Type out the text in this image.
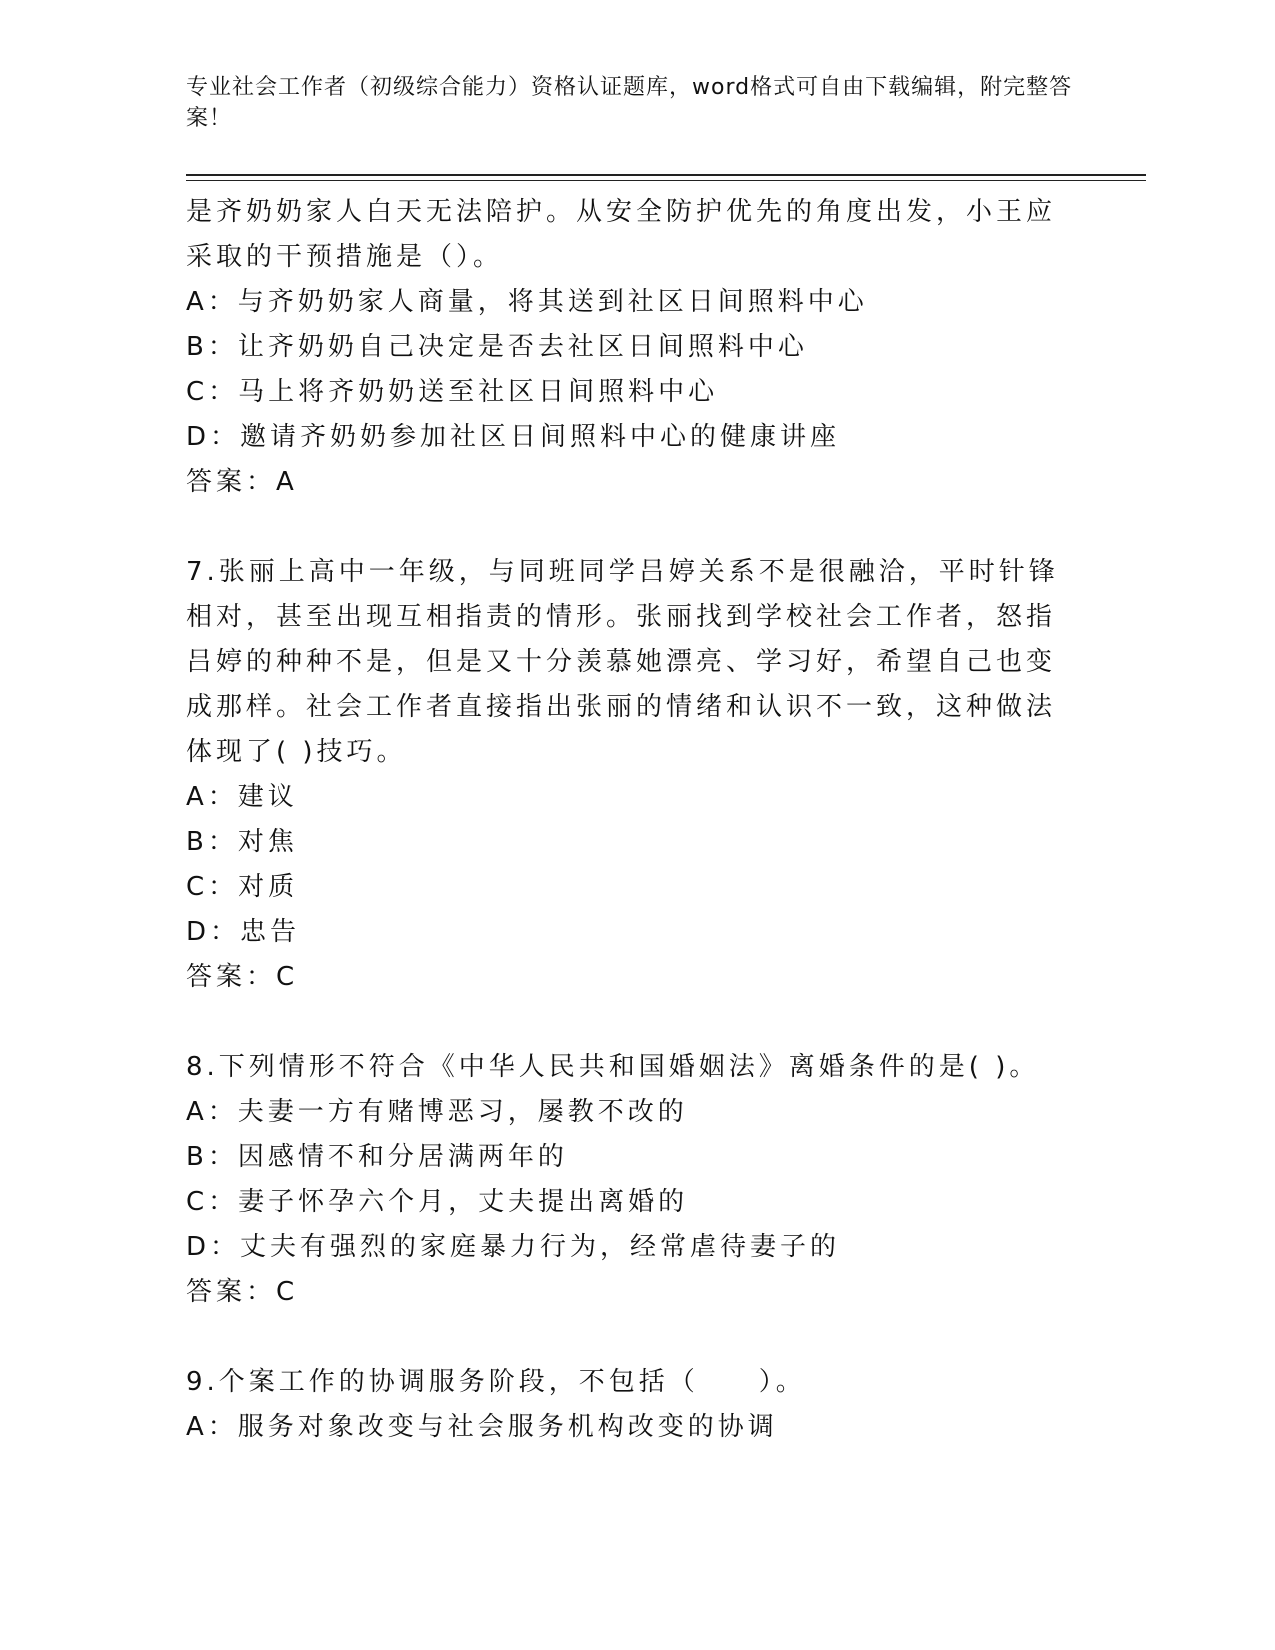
专业社会工作者（初级综合能力）资格认证题库，word格式可自由下载编辑，附完整答案！

是齐奶奶家人白天无法陪护。从安全防护优先的角度出发，小王应采取的干预措施是（）。

A：与齐奶奶家人商量，将其送到社区日间照料中心

B：让齐奶奶自己决定是否去社区日间照料中心

C：马上将齐奶奶送至社区日间照料中心

D：邀请齐奶奶参加社区日间照料中心的健康讲座

答案：A

7.张丽上高中一年级，与同班同学吕婷关系不是很融洽，平时针锋相对，甚至出现互相指责的情形。张丽找到学校社会工作者，怒指吕婷的种种不是，但是又十分羡慕她漂亮、学习好，希望自己也变成那样。社会工作者直接指出张丽的情绪和认识不一致，这种做法体现了( )技巧。

A：建议

B：对焦

C：对质

D：忠告

答案：C

8.下列情形不符合《中华人民共和国婚姻法》离婚条件的是( )。

A：夫妻一方有赌博恶习，屡教不改的

B：因感情不和分居满两年的

C：妻子怀孕六个月，丈夫提出离婚的

D：丈夫有强烈的家庭暴力行为，经常虐待妻子的

答案：C

9.个案工作的协调服务阶段，不包括（　　）。

A：服务对象改变与社会服务机构改变的协调
